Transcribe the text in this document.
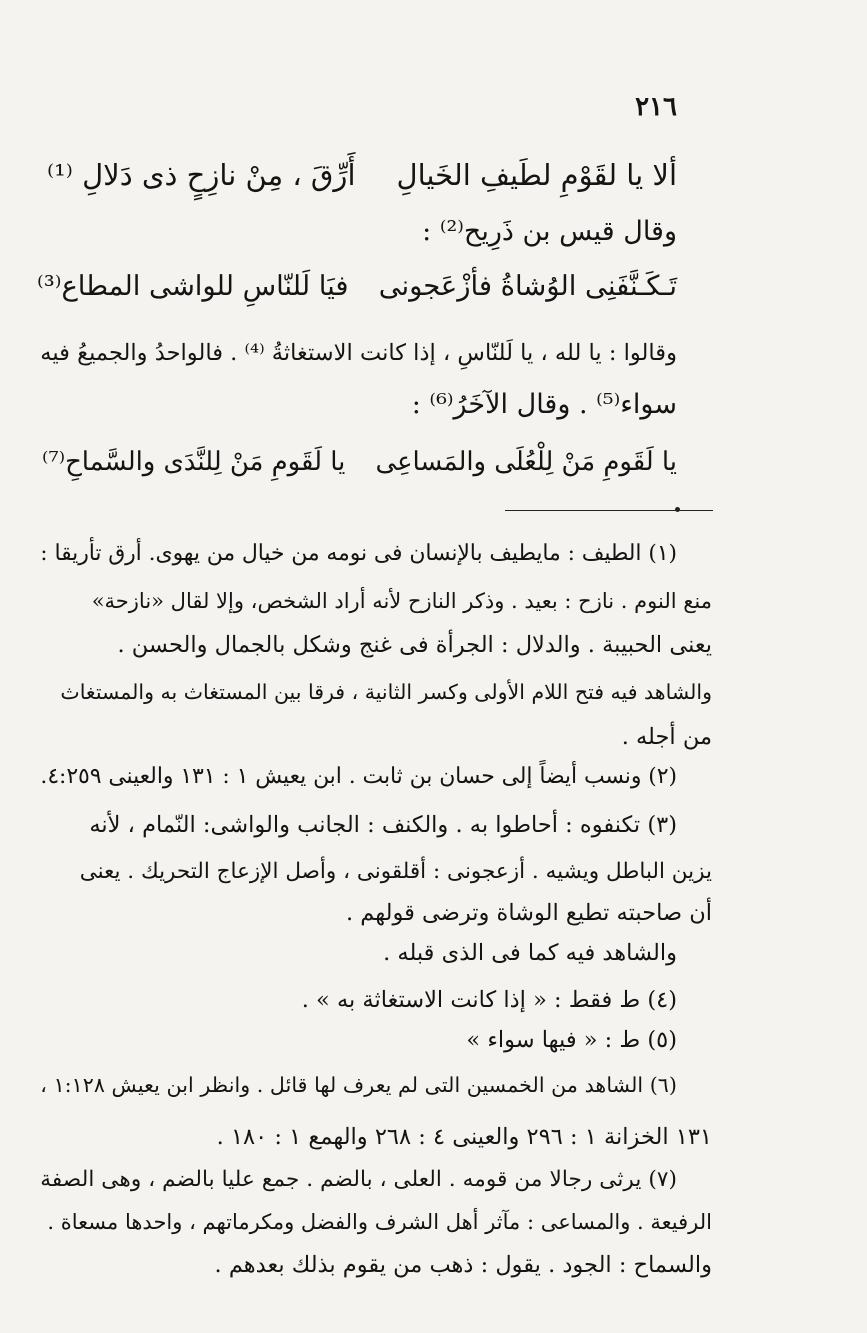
٢١٦
ألا يا لقَوْمِ لطَيفِ الخَيالِ
أَرِّقَ ، مِنْ نازِحٍ ذی دَلالِ ⁽¹⁾
وقال قیس بن ذَرِیح⁽²⁾ :
تَـکَـنَّفَنِی الوُشاةُ فأزْعَجونی
فیَا لَلنّاسِ للواشی المطاع⁽³⁾
وقالوا : یا لله ، یا لَلنّاسِ ، إذا کانت الاستغاثةُ ⁽⁴⁾ . فالواحدُ والجمیعُ فیه
سواء⁽⁵⁾ . وقال الآخَرُ⁽⁶⁾ :
یا لَقَومِ مَنْ لِلْعُلَی والمَساعِی
یا لَقَومِ مَنْ لِلنَّدَی والسَّماحِ⁽⁷⁾
(١) الطیف : مایطیف بالإنسان فی نومه من خیال من یهوی. أرق تأریقا :
منع النوم . نازح : بعید . وذکر النازح لأنه أراد الشخص، وإلا لقال «نازحة»
یعنی الحبیبة . والدلال : الجرأة فی غنج وشکل بالجمال والحسن .
والشاهد فیه فتح اللام الأولی وکسر الثانیة ، فرقا بین المستغاث به والمستغاث
من أجله .
(٢) ونسب أیضاً إلی حسان بن ثابت . ابن یعیش ١ : ١٣١ والعینی ٤:٢٥٩.
(٣) تکنفوه : أحاطوا به . والکنف : الجانب والواشی: النّمام ، لأنه
یزین الباطل ویشیه . أزعجونی : أقلقونی ، وأصل الإزعاج التحریك . یعنی
أن صاحبته تطیع الوشاة وترضی قولهم .
والشاهد فیه کما فی الذی قبله .
(٤) ط فقط : « إذا کانت الاستغاثة به » .
(٥) ط : « فیها سواء »
(٦) الشاهد من الخمسین التی لم یعرف لها قائل . وانظر ابن یعیش ١:١٢٨ ،
١٣١ الخزانة ١ : ٢٩٦ والعینی ٤ : ٢٦٨ والهمع ١ : ١٨٠ .
(٧) یرثی رجالا من قومه . العلی ، بالضم . جمع علیا بالضم ، وهی الصفة
الرفیعة . والمساعی : مآثر أهل الشرف والفضل ومکرماتهم ، واحدها مسعاة .
والسماح : الجود . یقول : ذهب من یقوم بذلك بعدهم .
